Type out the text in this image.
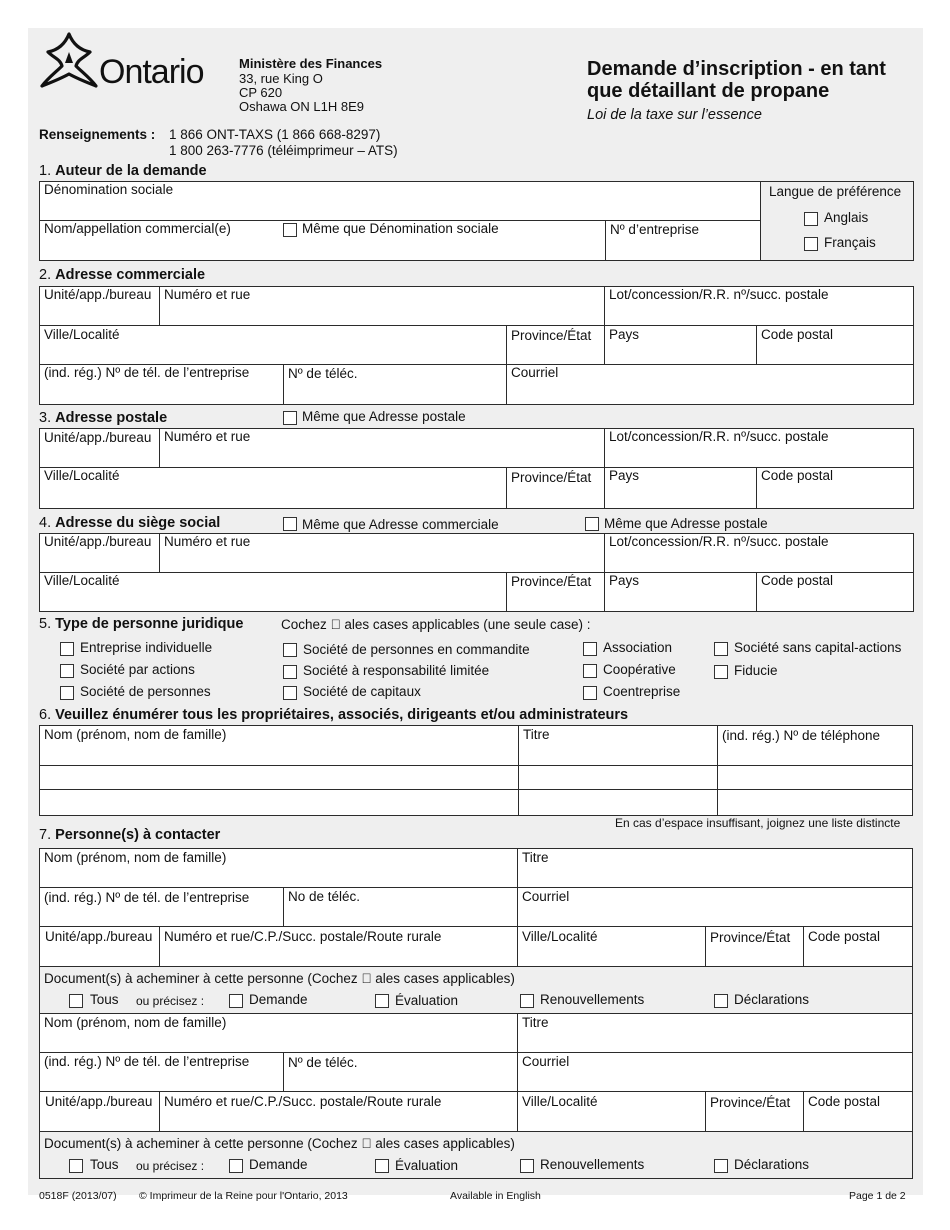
Ontario	Ministère des Finances
33, rue King O
CP 620
Oshawa ON L1H 8E9
Demande d’inscription - en tant
que détaillant de propane
Loi de la taxe sur l’essence
Renseignements : 1 866 ONT-TAXS (1 866 668-8297)
1 800 263-7776 (téléimprimeur – ATS)
1. Auteur de la demande
Dénomination sociale
Nom/appellation commercial(e)	Même que Dénomination sociale	Nº d’entreprise
Langue de préférence
Anglais
Français
2. Adresse commerciale
Unité/app./bureau Numéro et rue	Lot/concession/R.R. nº/succ. postale
Ville/Localité	Province/État Pays	Code postal
(ind. rég.) Nº de tél. de l’entreprise	Nº de téléc.	Courriel
3. Adresse postale	Même que Adresse postale
Unité/app./bureau Numéro et rue	Lot/concession/R.R. nº/succ. postale
Ville/Localité	Province/État Pays	Code postal
4. Adresse du siège social	Même que Adresse commerciale	Même que Adresse postale
Unité/app./bureau Numéro et rue	Lot/concession/R.R. nº/succ. postale
Ville/Localité	Province/État Pays	Code postal
5. Type de personne juridique	Cochez   ales cases applicables (une seule case) :
Entreprise individuelle
Société par actions
Société de personnes
Société de personnes en commandite
Société à responsabilité limitée
Société de capitaux
Association
Coopérative
Coentreprise
Société sans capital-actions
Fiducie
6. Veuillez énumérer tous les propriétaires, associés, dirigeants et/ou administrateurs
Nom (prénom, nom de famille)	Titre	(ind. rég.) Nº de téléphone
En cas d’espace insuffisant, joignez une liste distincte
7. Personne(s) à contacter
Nom (prénom, nom de famille)	Titre
(ind. rég.) Nº de tél. de l’entreprise	No de téléc.	Courriel
Unité/app./bureau Numéro et rue/C.P./Succ. postale/Route rurale	Ville/Localité	Province/État Code postal
Document(s) à acheminer à cette personne (Cochez   ales cases applicables)
Tous ou précisez :	Demande	Évaluation	Renouvellements	Déclarations
Nom (prénom, nom de famille)	Titre
(ind. rég.) Nº de tél. de l’entreprise	Nº de téléc.	Courriel
Unité/app./bureau Numéro et rue/C.P./Succ. postale/Route rurale	Ville/Localité	Province/État Code postal
Document(s) à acheminer à cette personne (Cochez   ales cases applicables)
Tous ou précisez :	Demande	Évaluation	Renouvellements	Déclarations
0518F (2013/07) © Imprimeur de la Reine pour l'Ontario, 2013	Available in English	Page 1 de 2
